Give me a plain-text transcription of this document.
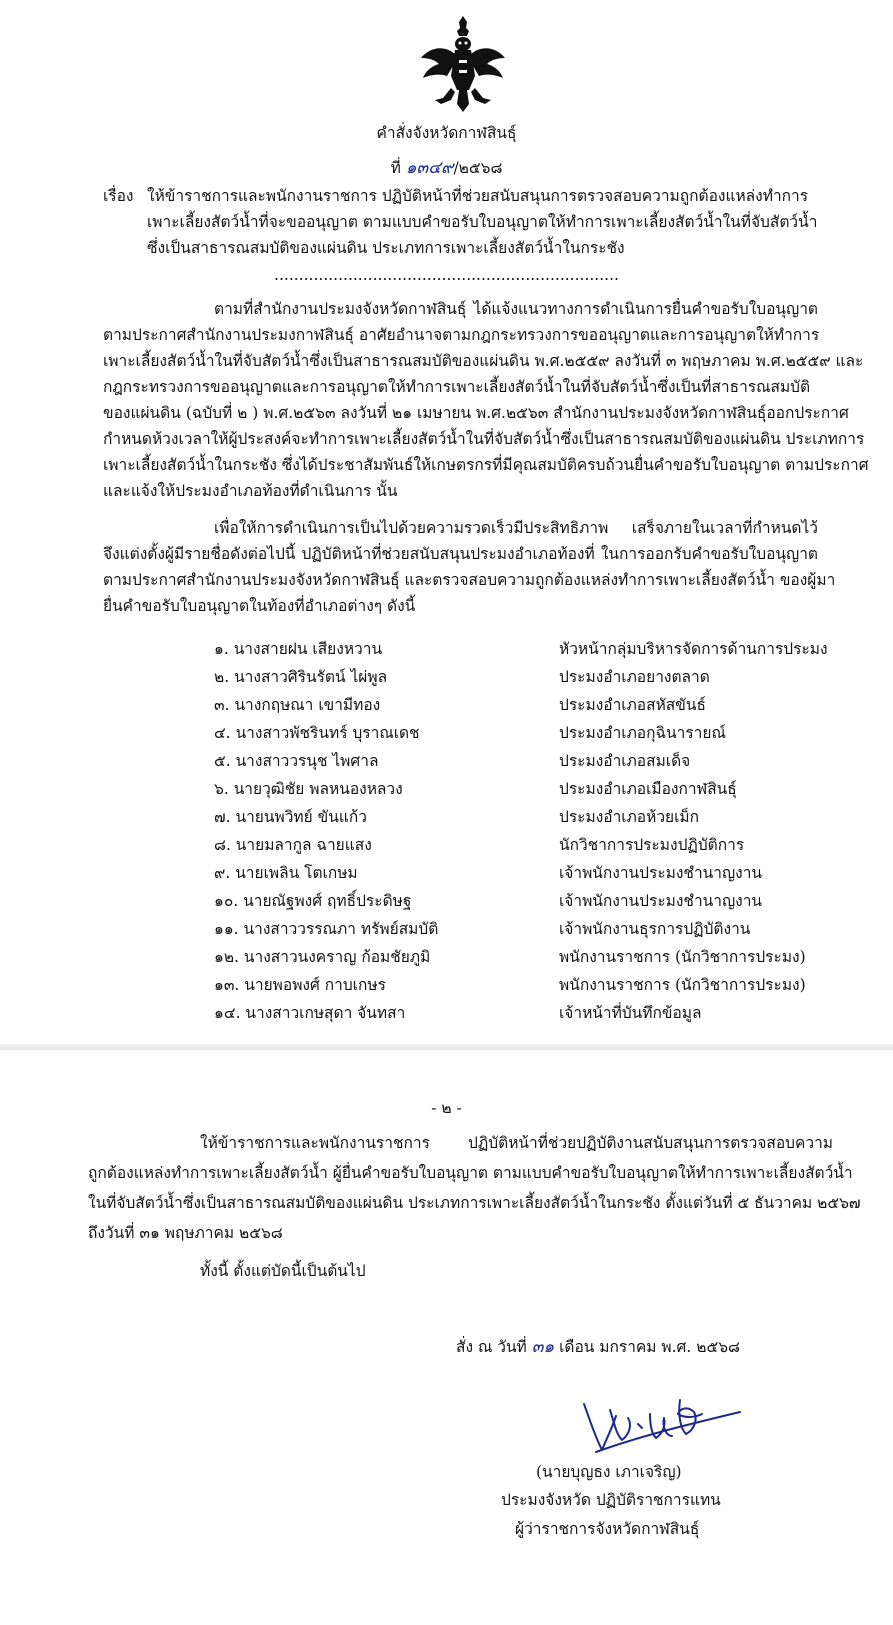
คำสั่งจังหวัดกาฬสินธุ์
ที่ ๑๓๔๙/๒๕๖๘
เรื่อง ให้ข้าราชการและพนักงานราชการ ปฏิบัติหน้าที่ช่วยสนับสนุนการตรวจสอบความถูกต้องแหล่งทำการ
เพาะเลี้ยงสัตว์น้ำที่จะขออนุญาต ตามแบบคำขอรับใบอนุญาตให้ทำการเพาะเลี้ยงสัตว์น้ำในที่จับสัตว์น้ำ
ซึ่งเป็นสาธารณสมบัติของแผ่นดิน ประเภทการเพาะเลี้ยงสัตว์น้ำในกระชัง
......................................................................
ตามที่สำนักงานประมงจังหวัดกาฬสินธุ์ ได้แจ้งแนวทางการดำเนินการยื่นคำขอรับใบอนุญาต
ตามประกาศสำนักงานประมงกาฬสินธุ์ อาศัยอำนาจตามกฎกระทรวงการขออนุญาตและการอนุญาตให้ทำการ
เพาะเลี้ยงสัตว์น้ำในที่จับสัตว์น้ำซึ่งเป็นสาธารณสมบัติของแผ่นดิน พ.ศ.๒๕๕๙ ลงวันที่ ๓ พฤษภาคม พ.ศ.๒๕๕๙ และ
กฎกระทรวงการขออนุญาตและการอนุญาตให้ทำการเพาะเลี้ยงสัตว์น้ำในที่จับสัตว์น้ำซึ่งเป็นที่สาธารณสมบัติ
ของแผ่นดิน (ฉบับที่ ๒ ) พ.ศ.๒๕๖๓ ลงวันที่ ๒๑ เมษายน พ.ศ.๒๕๖๓ สำนักงานประมงจังหวัดกาฬสินธุ์ออกประกาศ
กำหนดห้วงเวลาให้ผู้ประสงค์จะทำการเพาะเลี้ยงสัตว์น้ำในที่จับสัตว์น้ำซึ่งเป็นสาธารณสมบัติของแผ่นดิน ประเภทการ
เพาะเลี้ยงสัตว์น้ำในกระชัง ซึ่งได้ประชาสัมพันธ์ให้เกษตรกรที่มีคุณสมบัติครบถ้วนยื่นคำขอรับใบอนุญาต ตามประกาศ
และแจ้งให้ประมงอำเภอท้องที่ดำเนินการ นั้น
เพื่อให้การดำเนินการเป็นไปด้วยความรวดเร็วมีประสิทธิภาพ เสร็จภายในเวลาที่กำหนดไว้
จึงแต่งตั้งผู้มีรายชื่อดังต่อไปนี้ ปฏิบัติหน้าที่ช่วยสนับสนุนประมงอำเภอท้องที่ ในการออกรับคำขอรับใบอนุญาต
ตามประกาศสำนักงานประมงจังหวัดกาฬสินธุ์ และตรวจสอบความถูกต้องแหล่งทำการเพาะเลี้ยงสัตว์น้ำ ของผู้มา
ยื่นคำขอรับใบอนุญาตในท้องที่อำเภอต่างๆ ดังนี้
๑. นางสายฝน เสียงหวาน	หัวหน้ากลุ่มบริหารจัดการด้านการประมง
๒. นางสาวศิรินรัตน์ ไผ่พูล	ประมงอำเภอยางตลาด
๓. นางกฤษณา เขามีทอง	ประมงอำเภอสหัสขันธ์
๔. นางสาวพัชรินทร์ บุราณเดช	ประมงอำเภอกุฉินารายณ์
๕. นางสาววรนุช ไพศาล	ประมงอำเภอสมเด็จ
๖. นายวุฒิชัย พลหนองหลวง	ประมงอำเภอเมืองกาฬสินธุ์
๗. นายนพวิทย์ ขันแก้ว	ประมงอำเภอห้วยเม็ก
๘. นายมลากูล ฉายแสง	นักวิชาการประมงปฏิบัติการ
๙. นายเพลิน โตเกษม	เจ้าพนักงานประมงชำนาญงาน
๑๐. นายณัฐพงศ์ ฤทธิ์ประดิษฐ	เจ้าพนักงานประมงชำนาญงาน
๑๑. นางสาววรรณภา ทรัพย์สมบัติ	เจ้าพนักงานธุรการปฏิบัติงาน
๑๒. นางสาวนงคราญ ก้อมชัยภูมิ	พนักงานราชการ (นักวิชาการประมง)
๑๓. นายพอพงศ์ กาบเกษร	พนักงานราชการ (นักวิชาการประมง)
๑๔. นางสาวเกษสุดา จันทสา	เจ้าหน้าที่บันทึกข้อมูล
- ๒ -
ให้ข้าราชการและพนักงานราชการ ปฏิบัติหน้าที่ช่วยปฏิบัติงานสนับสนุนการตรวจสอบความ
ถูกต้องแหล่งทำการเพาะเลี้ยงสัตว์น้ำ ผู้ยื่นคำขอรับใบอนุญาต ตามแบบคำขอรับใบอนุญาตให้ทำการเพาะเลี้ยงสัตว์น้ำ
ในที่จับสัตว์น้ำซึ่งเป็นสาธารณสมบัติของแผ่นดิน ประเภทการเพาะเลี้ยงสัตว์น้ำในกระชัง ตั้งแต่วันที่ ๕ ธันวาคม ๒๕๖๗
ถึงวันที่ ๓๑ พฤษภาคม ๒๕๖๘
ทั้งนี้ ตั้งแต่บัดนี้เป็นต้นไป
สั่ง ณ วันที่ ๓๑ เดือน มกราคม พ.ศ. ๒๕๖๘
(นายบุญธง เภาเจริญ)
ประมงจังหวัด ปฏิบัติราชการแทน
ผู้ว่าราชการจังหวัดกาฬสินธุ์
